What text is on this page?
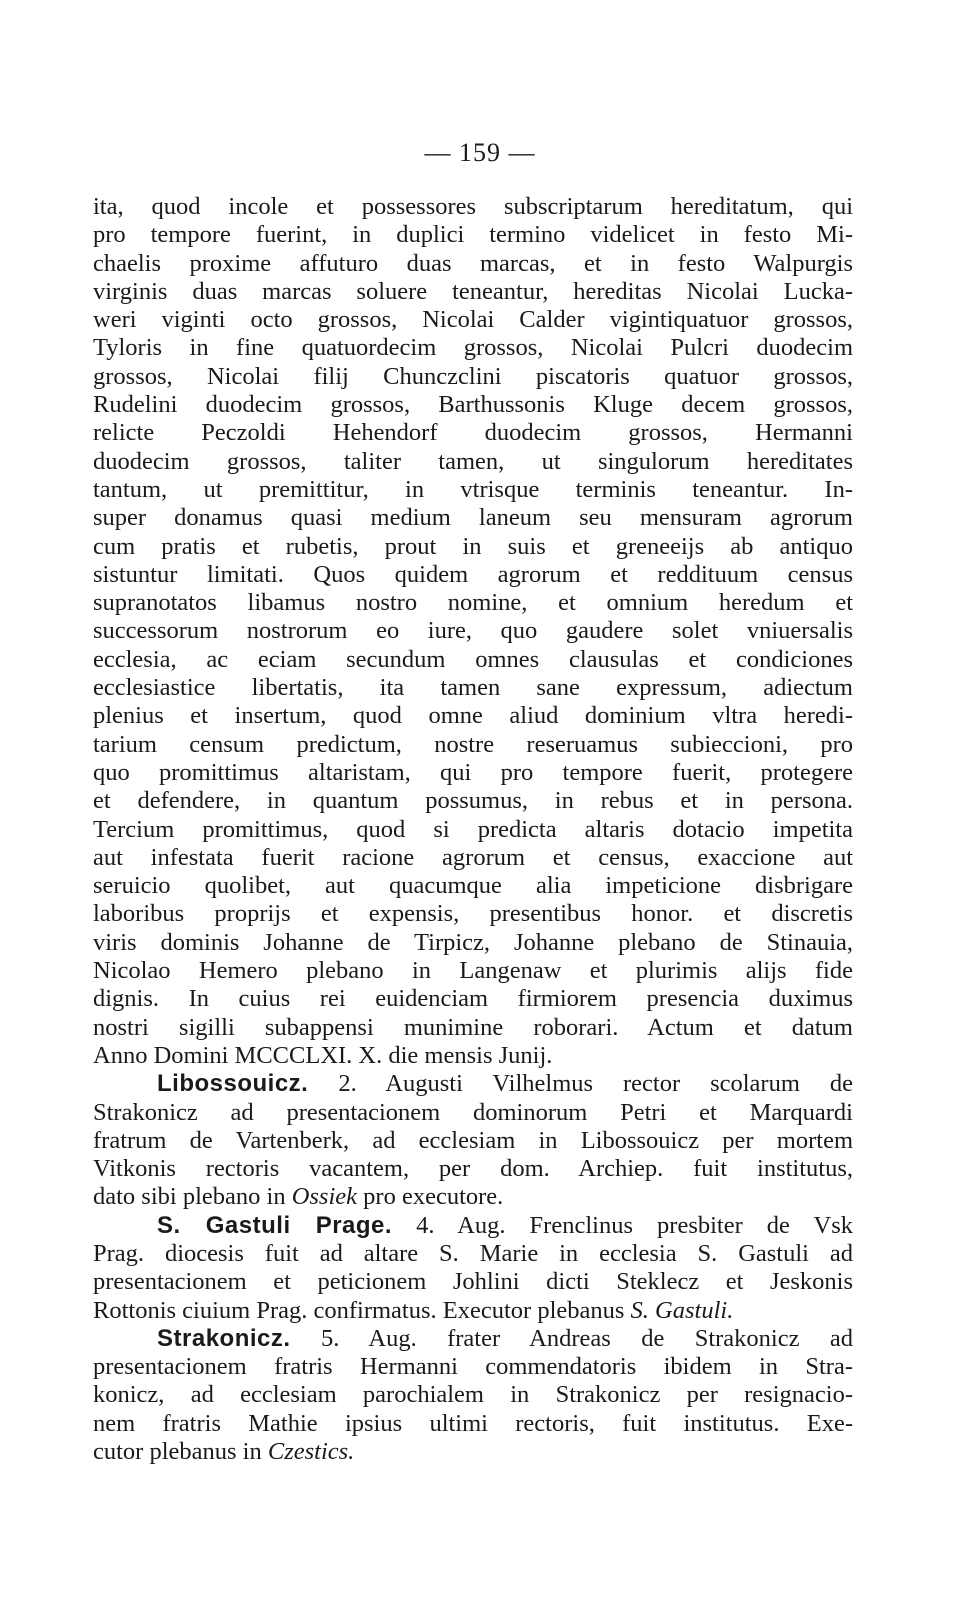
— 159 —
ita, quod incole et possessores subscriptarum hereditatum, qui
pro tempore fuerint, in duplici termino videlicet in festo Mi-
chaelis proxime affuturo duas marcas, et in festo Walpurgis
virginis duas marcas soluere teneantur, hereditas Nicolai Lucka-
weri viginti octo grossos, Nicolai Calder vigintiquatuor grossos,
Tyloris in fine quatuordecim grossos, Nicolai Pulcri duodecim
grossos, Nicolai filij Chunczclini piscatoris quatuor grossos,
Rudelini duodecim grossos, Barthussonis Kluge decem grossos,
relicte Peczoldi Hehendorf duodecim grossos, Hermanni
duodecim grossos, taliter tamen, ut singulorum hereditates
tantum, ut premittitur, in vtrisque terminis teneantur. In-
super donamus quasi medium laneum seu mensuram agrorum
cum pratis et rubetis, prout in suis et greneeijs ab antiquo
sistuntur limitati. Quos quidem agrorum et reddituum census
supranotatos libamus nostro nomine, et omnium heredum et
successorum nostrorum eo iure, quo gaudere solet vniuersalis
ecclesia, ac eciam secundum omnes clausulas et condiciones
ecclesiastice libertatis, ita tamen sane expressum, adiectum
plenius et insertum, quod omne aliud dominium vltra heredi-
tarium censum predictum, nostre reseruamus subieccioni, pro
quo promittimus altaristam, qui pro tempore fuerit, protegere
et defendere, in quantum possumus, in rebus et in persona.
Tercium promittimus, quod si predicta altaris dotacio impetita
aut infestata fuerit racione agrorum et census, exaccione aut
seruicio quolibet, aut quacumque alia impeticione disbrigare
laboribus proprijs et expensis, presentibus honor. et discretis
viris dominis Johanne de Tirpicz, Johanne plebano de Stinauia,
Nicolao Hemero plebano in Langenaw et plurimis alijs fide
dignis. In cuius rei euidenciam firmiorem presencia duximus
nostri sigilli subappensi munimine roborari. Actum et datum
Anno Domini MCCCLXI. X. die mensis Junij.
Libossouicz. 2. Augusti Vilhelmus rector scolarum de
Strakonicz ad presentacionem dominorum Petri et Marquardi
fratrum de Vartenberk, ad ecclesiam in Libossouicz per mortem
Vitkonis rectoris vacantem, per dom. Archiep. fuit institutus,
dato sibi plebano in Ossiek pro executore.
S. Gastuli Prage. 4. Aug. Frenclinus presbiter de Vsk
Prag. diocesis fuit ad altare S. Marie in ecclesia S. Gastuli ad
presentacionem et peticionem Johlini dicti Steklecz et Jeskonis
Rottonis ciuium Prag. confirmatus. Executor plebanus S. Gastuli.
Strakonicz. 5. Aug. frater Andreas de Strakonicz ad
presentacionem fratris Hermanni commendatoris ibidem in Stra-
konicz, ad ecclesiam parochialem in Strakonicz per resignacio-
nem fratris Mathie ipsius ultimi rectoris, fuit institutus. Exe-
cutor plebanus in Czestics.
